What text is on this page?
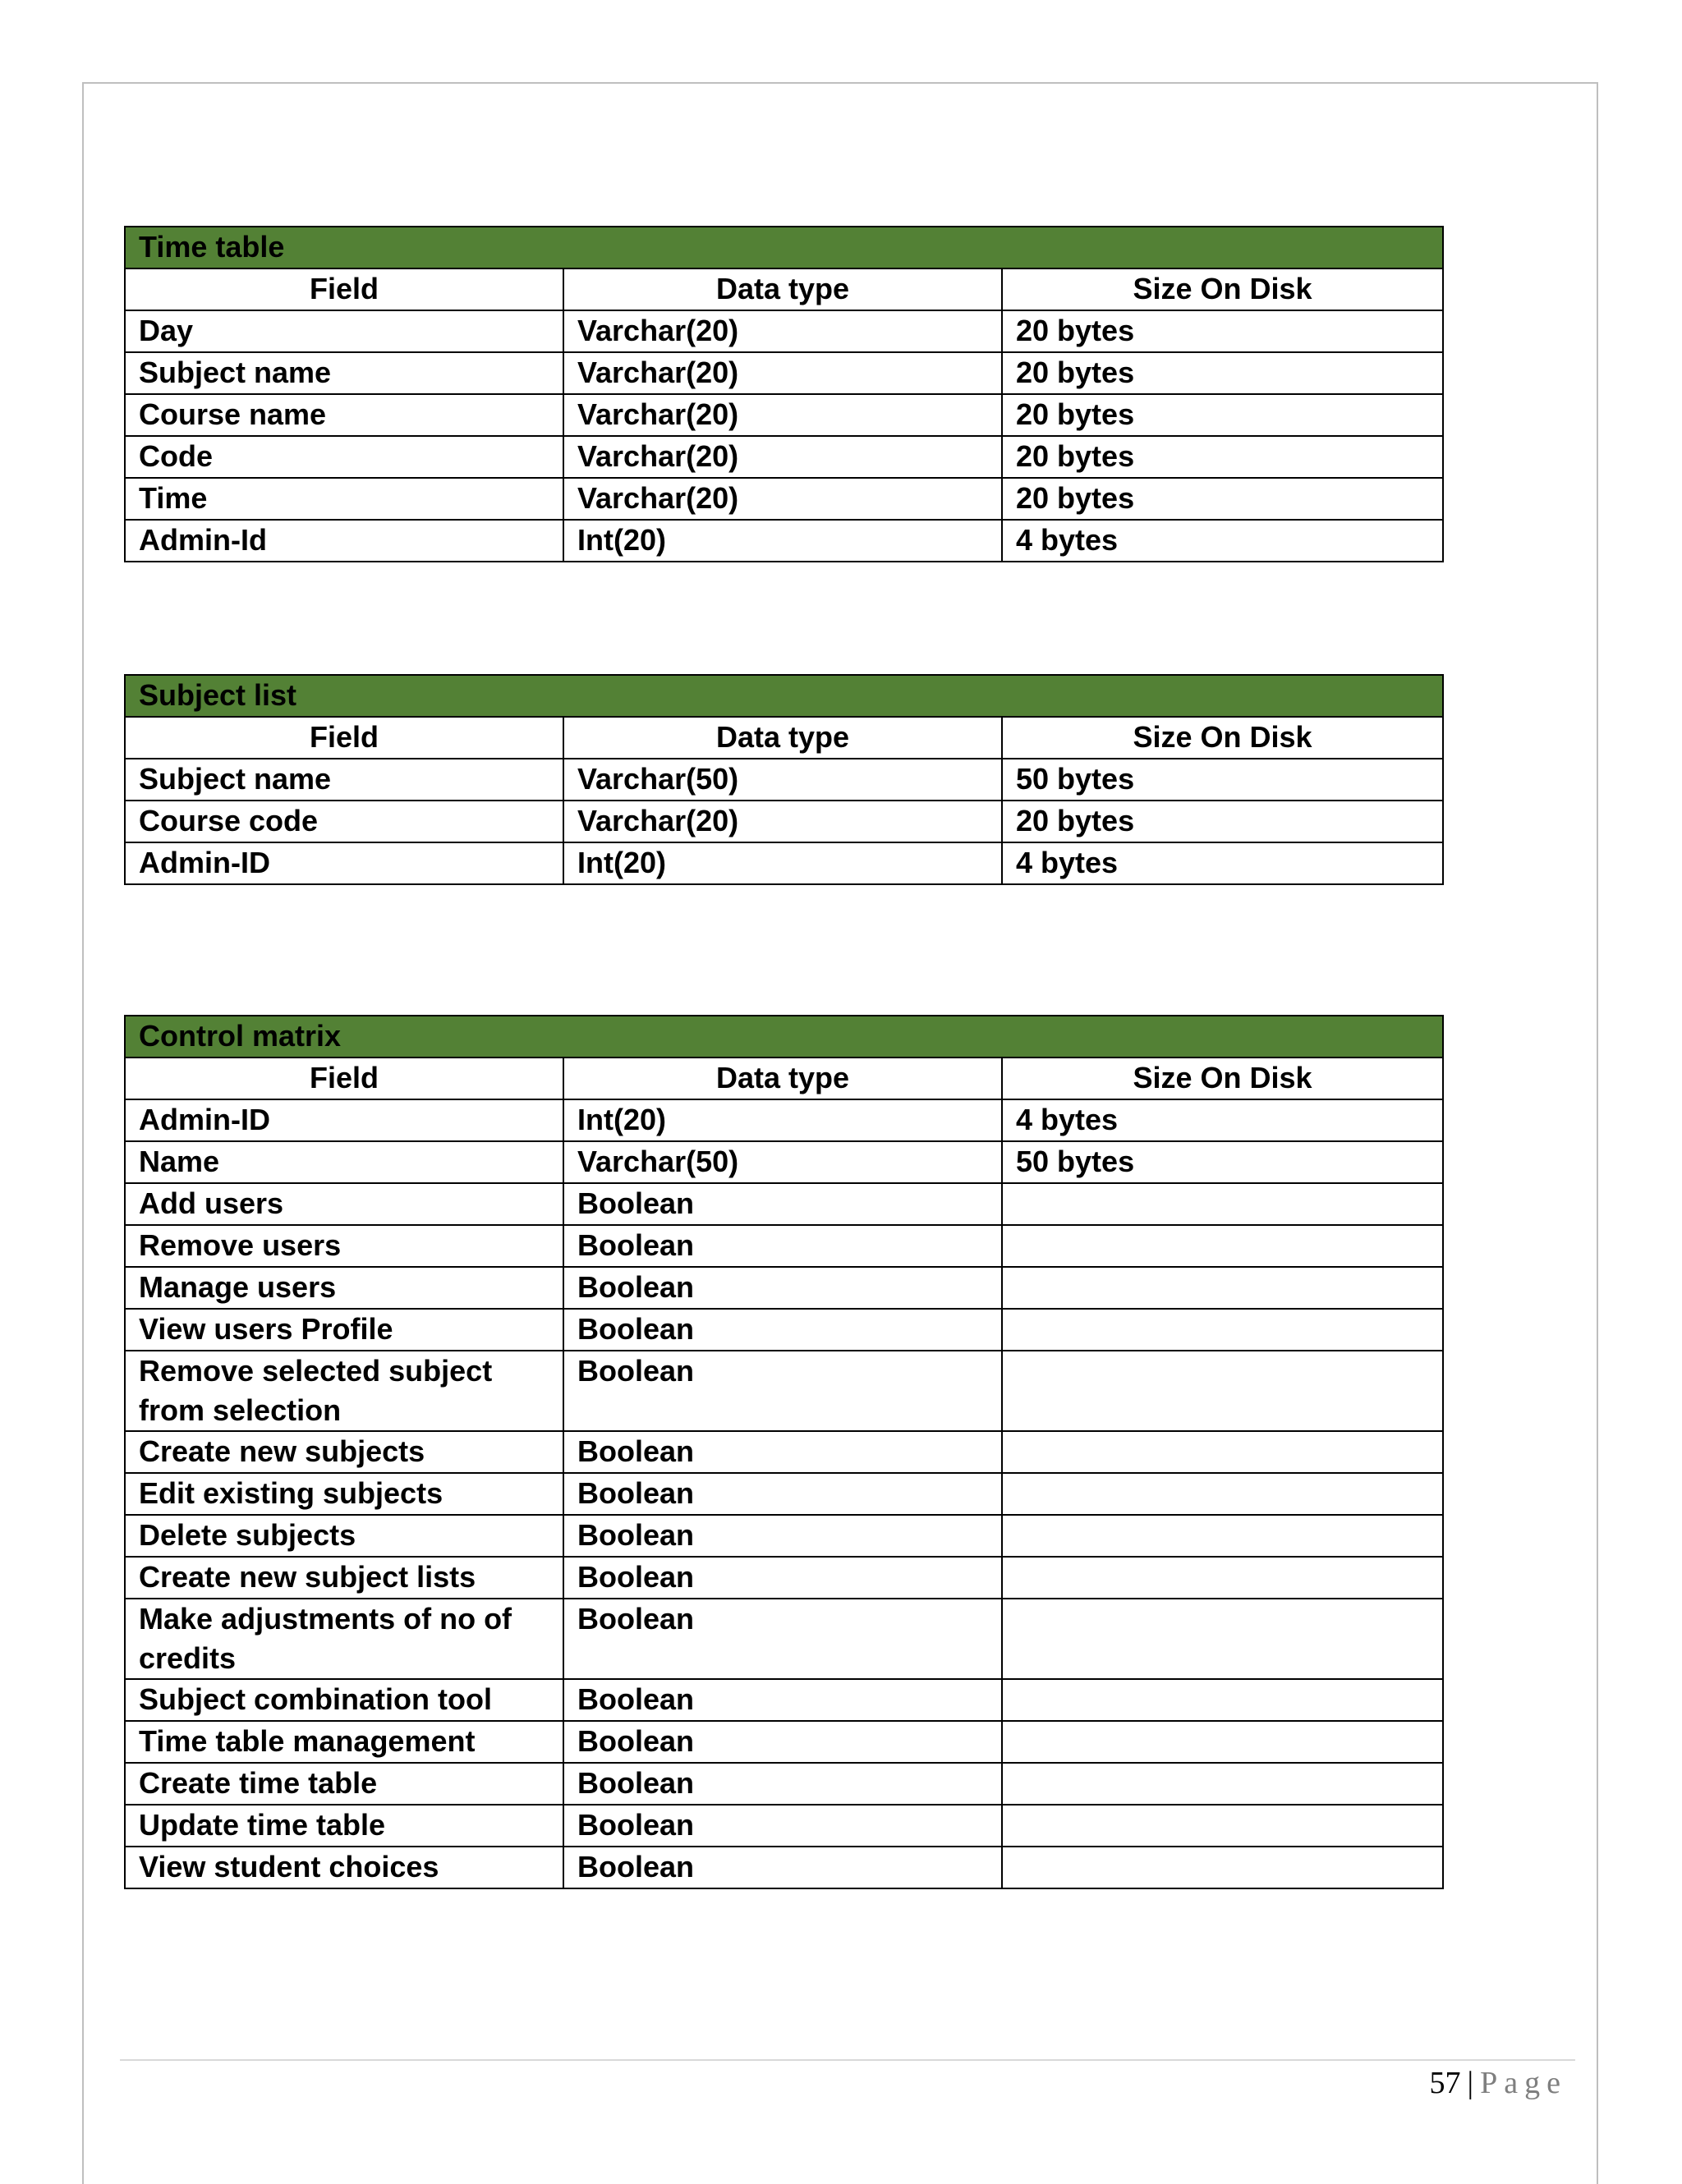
Time table		
Field	Data type	Size On Disk
Day	Varchar(20)	20 bytes
Subject name	Varchar(20)	20 bytes
Course name	Varchar(20)	20 bytes
Code	Varchar(20)	20 bytes
Time	Varchar(20)	20 bytes
Admin-Id	Int(20)	4 bytes
Subject list		
Field	Data type	Size On Disk
Subject name	Varchar(50)	50 bytes
Course code	Varchar(20)	20 bytes
Admin-ID	Int(20)	4 bytes
Control matrix		
Field	Data type	Size On Disk
Admin-ID	Int(20)	4 bytes
Name	Varchar(50)	50 bytes
Add users	Boolean	
Remove users	Boolean	
Manage users	Boolean	
View users Profile	Boolean	
Remove selected subject from selection	Boolean	
Create new subjects	Boolean	
Edit existing subjects	Boolean	
Delete subjects	Boolean	
Create new subject lists	Boolean	
Make adjustments of no of credits	Boolean	
Subject combination tool	Boolean	
Time table management	Boolean	
Create time table	Boolean	
Update time table	Boolean	
View student choices	Boolean	
57 | Page
